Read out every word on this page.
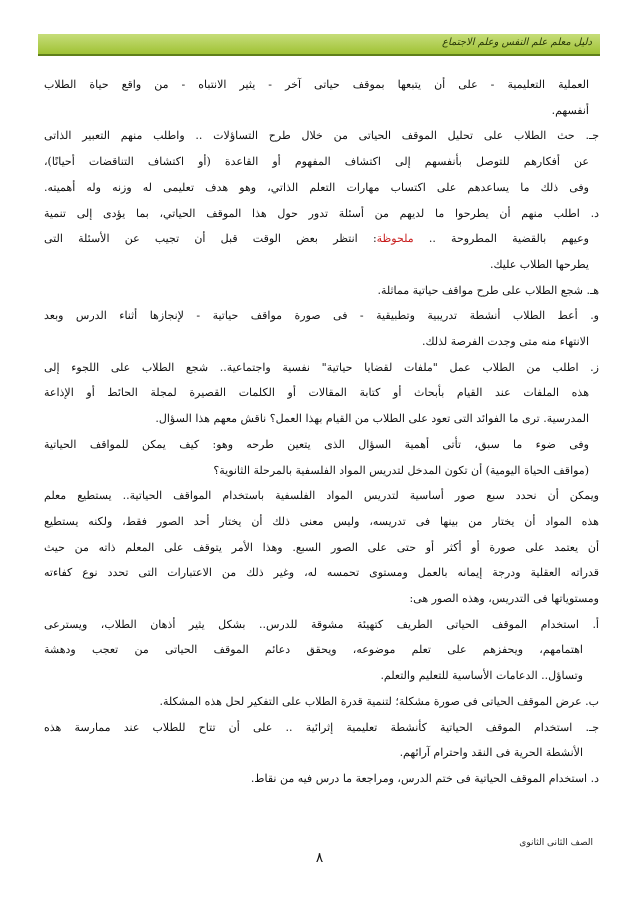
دليل معلم علم النفس وعلم الاجتماع
العملية التعليمية - على أن يتبعها بموقف حياتى آخر - يثير الانتباه - من واقع حياة الطلاب
أنفسهم.
جـ. حث الطلاب على تحليل الموقف الحياتى من خلال طرح التساؤلات .. واطلب منهم التعبير الذاتى
عن أفكارهم للتوصل بأنفسهم إلى اكتشاف المفهوم أو القاعدة (أو اكتشاف التناقضات أحيانًا)،
وفى ذلك ما يساعدهم على اكتساب مهارات التعلم الذاتي، وهو هدف تعليمى له وزنه وله أهميته.
د. اطلب منهم أن يطرحوا ما لديهم من أسئلة تدور حول هذا الموقف الحياتي، بما يؤدى إلى تنمية
وعيهم بالقضية المطروحة .. ملحوظة: انتظر بعض الوقت قبل أن تجيب عن الأسئلة التى
يطرحها الطلاب عليك.
هـ. شجع الطلاب على طرح مواقف حياتية مماثلة.
و. أعط الطلاب أنشطة تدريبية وتطبيقية - فى صورة مواقف حياتية - لإنجازها أثناء الدرس وبعد
الانتهاء منه متى وجدت الفرصة لذلك.
ز. اطلب من الطلاب عمل "ملفات لقضايا حياتية" نفسية واجتماعية.. شجع الطلاب على اللجوء إلى
هذه الملفات عند القيام بأبحاث أو كتابة المقالات أو الكلمات القصيرة لمجلة الحائط أو الإذاعة
المدرسية. ترى ما الفوائد التى تعود على الطلاب من القيام بهذا العمل؟ ناقش معهم هذا السؤال.
وفى ضوء ما سبق، تأتى أهمية السؤال الذى يتعين طرحه وهو: كيف يمكن للمواقف الحياتية
(مواقف الحياة اليومية) أن تكون المدخل لتدريس المواد الفلسفية بالمرحلة الثانوية؟
ويمكن أن نحدد سبع صور أساسية لتدريس المواد الفلسفية باستخدام المواقف الحياتية.. يستطيع معلم
هذه المواد أن يختار من بينها فى تدريسه، وليس معنى ذلك أن يختار أحد الصور فقط، ولكنه يستطيع
أن يعتمد على صورة أو أكثر أو حتى على الصور السبع. وهذا الأمر يتوقف على المعلم ذاته من حيث
قدراته العقلية ودرجة إيمانه بالعمل ومستوى تحمسه له، وغير ذلك من الاعتبارات التى تحدد نوع كفاءته
ومستوياتها فى التدريس، وهذه الصور هى:
أ. استخدام الموقف الحياتى الطريف كتهيئة مشوقة للدرس.. بشكل يثير أذهان الطلاب، ويسترعى
اهتمامهم، ويحفزهم على تعلم موضوعه، ويحقق دعائم الموقف الحياتى من تعجب ودهشة
وتساؤل.. الدعامات الأساسية للتعليم والتعلم.
ب. عرض الموقف الحياتى فى صورة مشكلة؛ لتنمية قدرة الطلاب على التفكير لحل هذه المشكلة.
جـ. استخدام الموقف الحياتية كأنشطة تعليمية إثرائية .. على أن تتاح للطلاب عند ممارسة هذه
الأنشطة الحرية فى النقد واحترام آرائهم.
د. استخدام الموقف الحياتية فى ختم الدرس، ومراجعة ما درس فيه من نقاط.
الصف الثانى الثانوى
٨
